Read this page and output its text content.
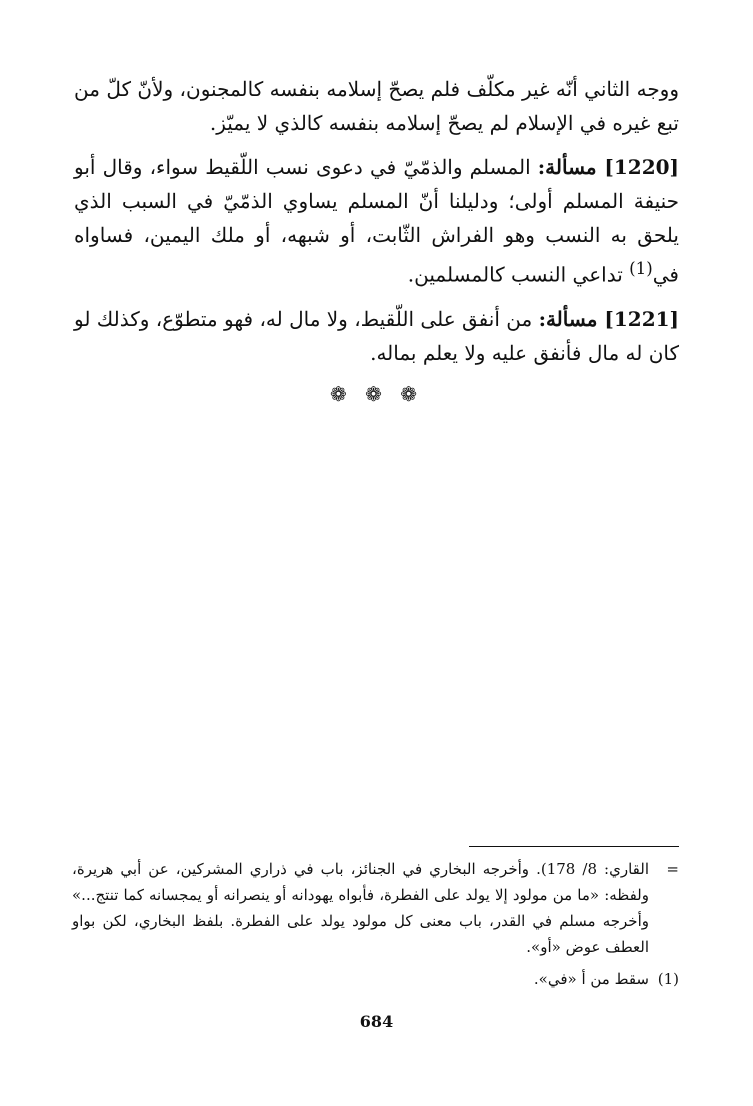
ووجه الثاني أنّه غير مكلّف فلم يصحّ إسلامه بنفسه كالمجنون، ولأنّ كلّ من تبع غيره في الإسلام لم يصحّ إسلامه بنفسه كالذي لا يميّز.

[1220] مسألة: المسلم والذمّيّ في دعوى نسب اللّقيط سواء، وقال أبو حنيفة المسلم أولى؛ ودليلنا أنّ المسلم يساوي الذمّيّ في السبب الذي يلحق به النسب وهو الفراش الثّابت، أو شبهه، أو ملك اليمين، فساواه في$^{(1)}$ تداعي النسب كالمسلمين.

[1221] مسألة: من أنفق على اللّقيط، ولا مال له، فهو متطوّع، وكذلك لو كان له مال فأنفق عليه ولا يعلم بماله.

❁ ❁ ❁

=
القاري: 8/ 178). وأخرجه البخاري في الجنائز، باب في ذراري المشركين، عن أبي هريرة، ولفظه: «ما من مولود إلا يولد على الفطرة، فأبواه يهودانه أو ينصرانه أو يمجسانه كما تنتج...» وأخرجه مسلم في القدر، باب معنى كل مولود يولد على الفطرة. بلفظ البخاري، لكن بواو العطف عوض «أو».

(1)
سقط من أ «في».

684
